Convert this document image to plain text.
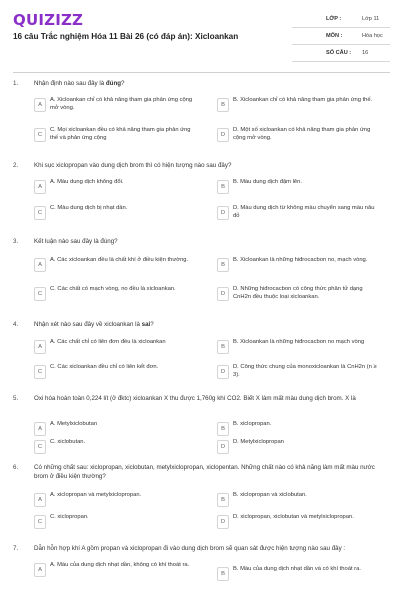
QUIZIZZ
16 câu Trắc nghiệm Hóa 11 Bài 26 (có đáp án): Xicloankan
LỚP :	Lớp 11
MÔN :	Hóa học
SỐ CÂU : 16
1.	Nhận định nào sau đây là đúng?
A
A. Xicloankan chỉ có khả năng tham gia phản ứng cộng mở vòng.	B
B. Xicloankan chỉ có khả năng tham gia phản ứng thế.
C
C. Mọi xicloankan đều có khả năng tham gia phản ứng thế và phản ứng cộng	D
D. Một số xicloankan có khả năng tham gia phản ứng cộng mở vòng.
2.	Khi sục xiclopropan vào dung dịch brom thì có hiện tượng nào sau đây?
A
A. Màu dung dịch không đổi.
B
B. Màu dung dịch đậm lên.
C
C. Màu dung dịch bị nhạt dần.
D
D. Màu dung dịch từ không màu chuyển sang màu nâu đỏ
3.	Kết luận nào sau đây là đúng?
A
A. Các xicloankan đều là chất khí ở điều kiện thường.
B
B. Xicloankan là những hiđrocacbon no, mạch vòng.
C
C. Các chất có mạch vòng, no đều là xicloankan.
D
D. Những hiđrocacbon có công thức phân tử dạng CnH2n đều thuộc loại xicloankan.
4.	Nhận xét nào sau đây về xicloankan là sai?
A
A. Các chất chỉ có liên đơn đều là xicloankan
B
B. Xicloankan là những hiđrocacbon no mạch vòng
C
C. Các xicloankan đều chỉ có liên kết đơn.
D
D. Công thức chung của monoxicloankan là CnH2n (n ≥ 3).
5.	Oxi hóa hoàn toàn 0,224 lít (ở đktc) xicloankan X thu được 1,760g khí CO2. Biết X làm mất màu dung dịch brom. X là
A
A. Metylxiclobutan
B
B. xiclopropan.
C
C. xiclobutan.
D
D. Metylxiclopropan
6.	Có những chất sau: xiclopropan, xiclobutan, metylxiclopropan, xiclopentan. Những chất nào có khả năng làm mất màu nước brom ở điều kiện thường?
A
A. xiclopropan và metylxiclopropan.
B
B. xiclopropan và xiclobutan.
C
C. xiclopropan.
D
D. xiclopropan, xiclobutan và metylxiclopropan.
7.	Dẫn hỗn hợp khí A gồm propan và xiclopropan đi vào dung dịch brom sẽ quan sát được hiện tượng nào sau đây :
A
A. Màu của dung dịch nhạt dần, không có khí thoát ra.
B
B. Màu của dung dịch nhạt dần và có khí thoát ra.
